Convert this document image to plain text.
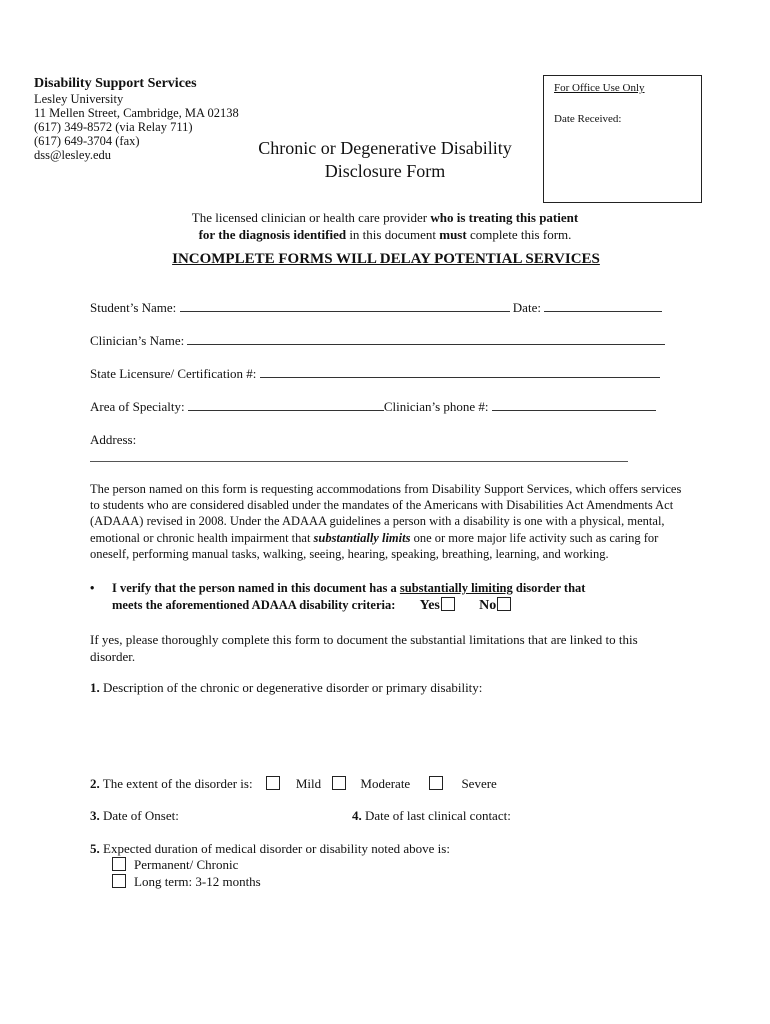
Disability Support Services
Lesley University
11 Mellen Street, Cambridge, MA 02138
(617) 349-8572 (via Relay 711)
(617) 649-3704 (fax)
dss@lesley.edu
For Office Use Only
Date Received:
Chronic or Degenerative Disability
Disclosure Form
The licensed clinician or health care provider who is treating this patient
for the diagnosis identified in this document must complete this form.
INCOMPLETE FORMS WILL DELAY POTENTIAL SERVICES
Student’s Name:	Date:
Clinician’s Name:
State Licensure/ Certification #:
Area of Specialty:	Clinician’s phone #:
Address:
The person named on this form is requesting accommodations from Disability Support Services, which offers services to students who are considered disabled under the mandates of the Americans with Disabilities Act Amendments Act (ADAAA) revised in 2008. Under the ADAAA guidelines a person with a disability is one with a physical, mental, emotional or chronic health impairment that substantially limits one or more major life activity such as caring for oneself, performing manual tasks, walking, seeing, hearing, speaking, breathing, learning, and working.
• I verify that the person named in this document has a substantially limiting disorder that
meets the aforementioned ADAAA disability criteria: Yes	No
If yes, please thoroughly complete this form to document the substantial limitations that are linked to this disorder.
1. Description of the chronic or degenerative disorder or primary disability:
2. The extent of the disorder is:	Mild	Moderate	Severe
3. Date of Onset:	4. Date of last clinical contact:
5. Expected duration of medical disorder or disability noted above is:
Permanent/ Chronic
Long term: 3-12 months
